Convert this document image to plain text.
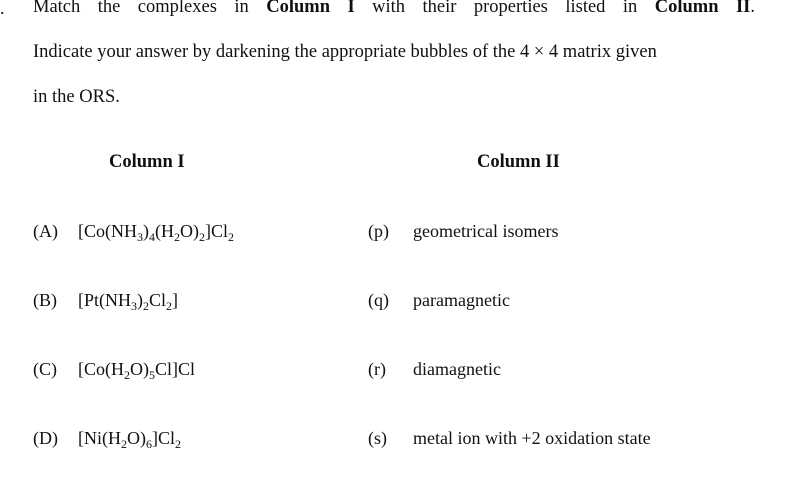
. Match the complexes in Column I with their properties listed in Column II.
Indicate your answer by darkening the appropriate bubbles of the 4 × 4 matrix given
in the ORS.
Column I	Column II
(A) $[Co(NH_3)_4(H_2O)_2]Cl_2$
(B) $[Pt(NH_3)_2Cl_2]$
(C) $[Co(H_2O)_5Cl]Cl$
(D) $[Ni(H_2O)_6]Cl_2$
(p) geometrical isomers
(q) paramagnetic
(r) diamagnetic
(s) metal ion with +2 oxidation state
